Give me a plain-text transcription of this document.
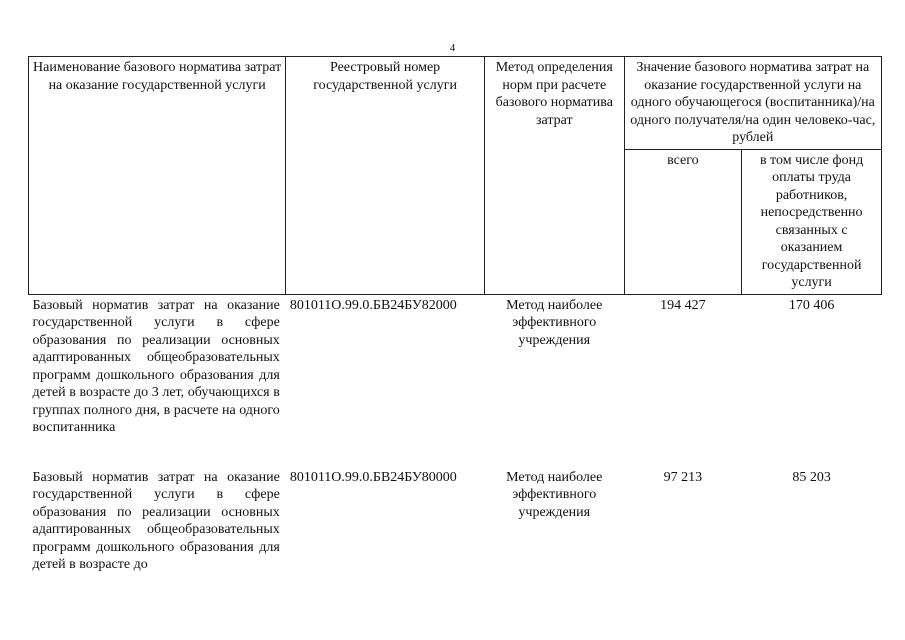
4
Наименование базового норматива затрат на оказание государственной услуги	Реестровый номер государственной услуги	Метод определения норм при расчете базового норматива затрат	Значение базового норматива затрат на оказание государственной услуги на одного обучающегося (воспитанника)/на одного получателя/на один человеко-час, рублей	
			всего	в том числе фонд оплаты труда работников, непосредственно связанных с оказанием государственной услуги
Базовый норматив затрат на оказание государственной услуги в сфере образования по реализации основных адаптированных общеобразовательных программ дошкольного образования для детей в возрасте до 3 лет, обучающихся в группах полного дня, в расчете на одного воспитанника	801011О.99.0.БВ24БУ82000	Метод наиболее эффективного учреждения	194 427	170 406

Базовый норматив затрат на оказание государственной услуги в сфере образования по реализации основных адаптированных общеобразовательных программ дошкольного образования для детей в возрасте до	801011О.99.0.БВ24БУ80000	Метод наиболее эффективного учреждения	97 213	85 203
